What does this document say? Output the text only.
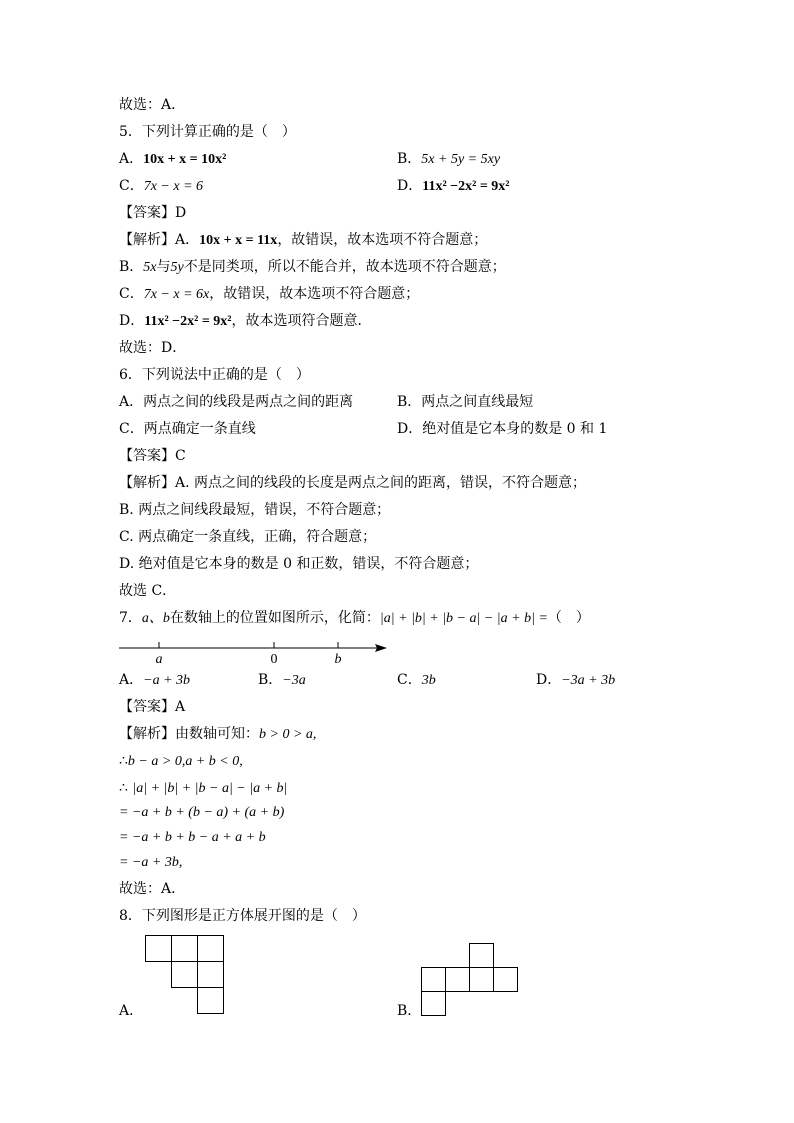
故选：A．
5．下列计算正确的是（　）
A．10x + x = 10x²	B．5x + 5y = 5xy
C．7x − x = 6	D．11x² −2x² = 9x²
【答案】D
【解析】A．10x + x = 11x，故错误，故本选项不符合题意；
B．5x与5y不是同类项，所以不能合并，故本选项不符合题意；
C．7x − x = 6x，故错误，故本选项不符合题意；
D．11x² −2x² = 9x²，故本选项符合题意．
故选：D．
6．下列说法中正确的是（　）
A．两点之间的线段是两点之间的距离	B．两点之间直线最短
C．两点确定一条直线	D．绝对值是它本身的数是 0 和 1
【答案】C
【解析】A. 两点之间的线段的长度是两点之间的距离，错误，不符合题意；
B. 两点之间线段最短，错误，不符合题意；
C. 两点确定一条直线，正确，符合题意；
D. 绝对值是它本身的数是 0 和正数，错误，不符合题意；
故选 C．
7．a、b在数轴上的位置如图所示，化简：|a| + |b| + |b − a| − |a + b| =（　）
a	0	b
A．−a + 3b	B．−3a	C．3b	D．−3a + 3b
【答案】A
【解析】由数轴可知：b > 0 > a,
∴b − a > 0,a + b < 0,
∴ |a| + |b| + |b − a| − |a + b|
= −a + b + (b − a) + (a + b)
= −a + b + b − a + a + b
= −a + 3b,
故选：A．
8．下列图形是正方体展开图的是（　）
A．	B．
